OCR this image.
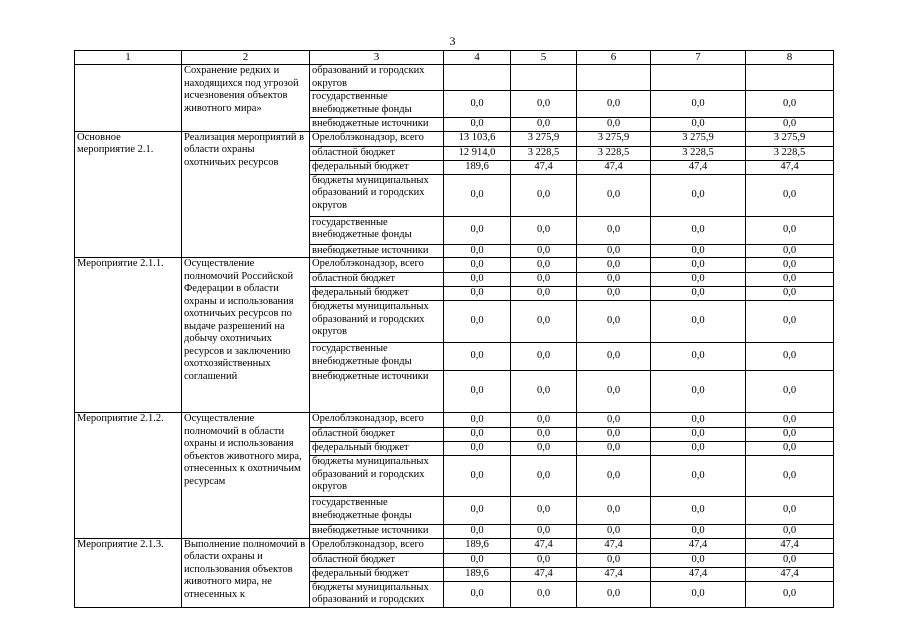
3
1	2	3	4	5	6	7	8
	Сохранение редких и находящихся под угрозой исчезновения объектов животного мира»	образований и городских округов					
		государственные внебюджетные фонды	0,0	0,0	0,0	0,0	0,0
		внебюджетные источники	0,0	0,0	0,0	0,0	0,0
Основное мероприятие 2.1.	Реализация мероприятий в области охраны охотничьих ресурсов	Орелоблэконадзор, всего	13 103,6	3 275,9	3 275,9	3 275,9	3 275,9
		областной бюджет	12 914,0	3 228,5	3 228,5	3 228,5	3 228,5
		федеральный бюджет	189,6	47,4	47,4	47,4	47,4
		бюджеты муниципальных образований и городских округов	0,0	0,0	0,0	0,0	0,0
		государственные внебюджетные фонды	0,0	0,0	0,0	0,0	0,0
		внебюджетные источники	0,0	0,0	0,0	0,0	0,0
Мероприятие 2.1.1.	Осуществление полномочий Российской Федерации в области охраны и использования охотничьих ресурсов по выдаче разрешений на добычу охотничьих ресурсов и заключению охотхозяйственных соглашений	Орелоблэконадзор, всего	0,0	0,0	0,0	0,0	0,0
		областной бюджет	0,0	0,0	0,0	0,0	0,0
		федеральный бюджет	0,0	0,0	0,0	0,0	0,0
		бюджеты муниципальных образований и городских округов	0,0	0,0	0,0	0,0	0,0
		государственные внебюджетные фонды	0,0	0,0	0,0	0,0	0,0
		внебюджетные источники	0,0	0,0	0,0	0,0	0,0
Мероприятие 2.1.2.	Осуществление полномочий в области охраны и использования объектов животного мира, отнесенных к охотничьим ресурсам	Орелоблэконадзор, всего	0,0	0,0	0,0	0,0	0,0
		областной бюджет	0,0	0,0	0,0	0,0	0,0
		федеральный бюджет	0,0	0,0	0,0	0,0	0,0
		бюджеты муниципальных образований и городских округов	0,0	0,0	0,0	0,0	0,0
		государственные внебюджетные фонды	0,0	0,0	0,0	0,0	0,0
		внебюджетные источники	0,0	0,0	0,0	0,0	0,0
Мероприятие 2.1.3.	Выполнение полномочий в области охраны и использования объектов животного мира, не отнесенных к	Орелоблэконадзор, всего	189,6	47,4	47,4	47,4	47,4
		областной бюджет	0,0	0,0	0,0	0,0	0,0
		федеральный бюджет	189,6	47,4	47,4	47,4	47,4
		бюджеты муниципальных образований и городских	0,0	0,0	0,0	0,0	0,0
